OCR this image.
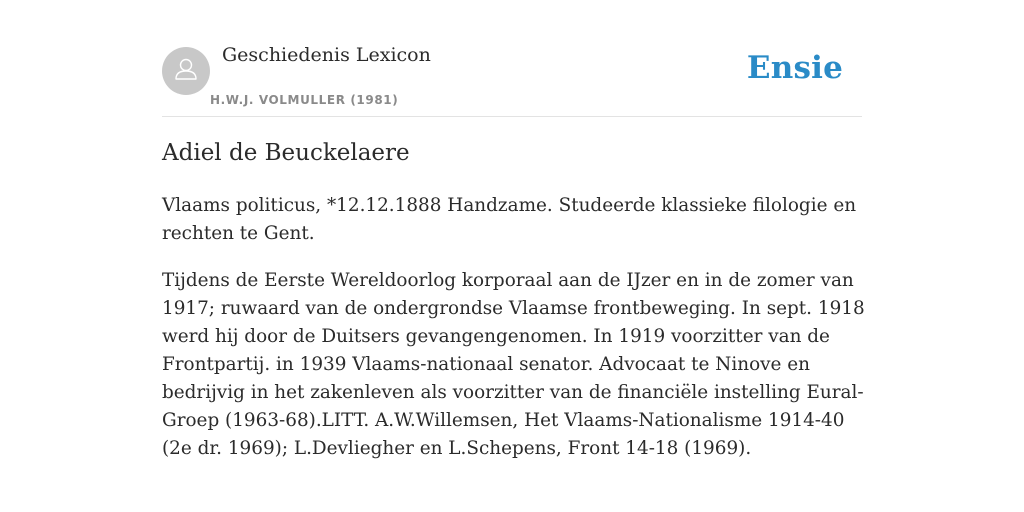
Geschiedenis Lexicon
H.W.J. VOLMULLER (1981)
Ensie
Adiel de Beuckelaere

Vlaams politicus, *12.12.1888 Handzame. Studeerde klassieke filologie en rechten te Gent.

Tijdens de Eerste Wereldoorlog korporaal aan de IJzer en in de zomer van 1917; ruwaard van de ondergrondse Vlaamse frontbeweging. In sept. 1918 werd hij door de Duitsers gevangengenomen. In 1919 voorzitter van de Frontpartij. in 1939 Vlaams-nationaal senator. Advocaat te Ninove en bedrijvig in het zakenleven als voorzitter van de financiële instelling Eural-Groep (1963-68).LITT. A.W.Willemsen, Het Vlaams-Nationalisme 1914-40 (2e dr. 1969); L.Devliegher en L.Schepens, Front 14-18 (1969).
